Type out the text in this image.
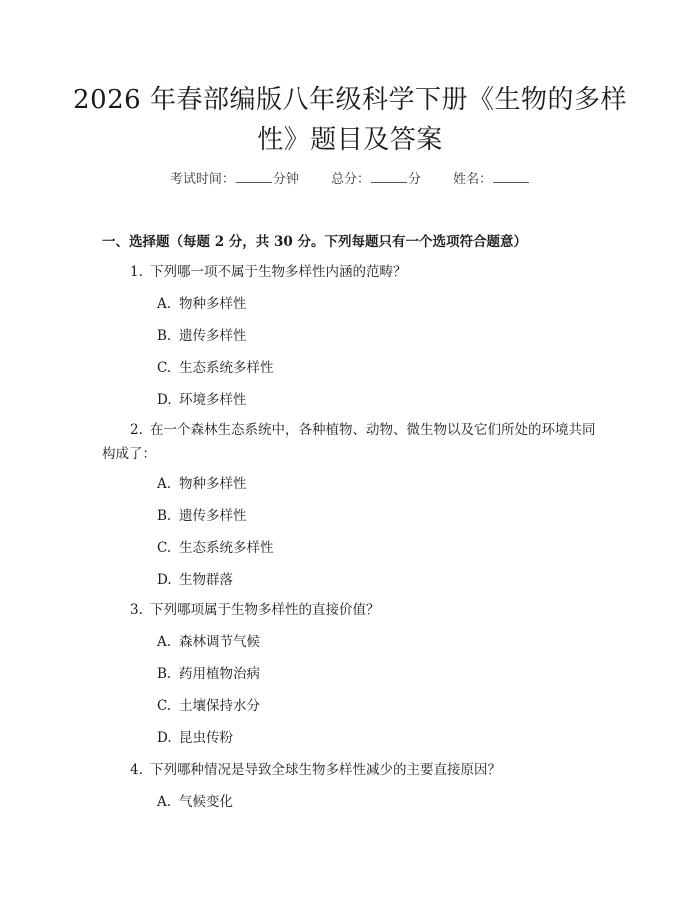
2026 年春部编版八年级科学下册《生物的多样性》题目及答案
考试时间：	分钟 总分：	分 姓名：
一、选择题（每题 2 分，共 30 分。下列每题只有一个选项符合题意）
1. 下列哪一项不属于生物多样性内涵的范畴？
A. 物种多样性
B. 遗传多样性
C. 生态系统多样性
D. 环境多样性
2. 在一个森林生态系统中，各种植物、动物、微生物以及它们所处的环境共同构成了：
A. 物种多样性
B. 遗传多样性
C. 生态系统多样性
D. 生物群落
3. 下列哪项属于生物多样性的直接价值？
A. 森林调节气候
B. 药用植物治病
C. 土壤保持水分
D. 昆虫传粉
4. 下列哪种情况是导致全球生物多样性减少的主要直接原因？
A. 气候变化
